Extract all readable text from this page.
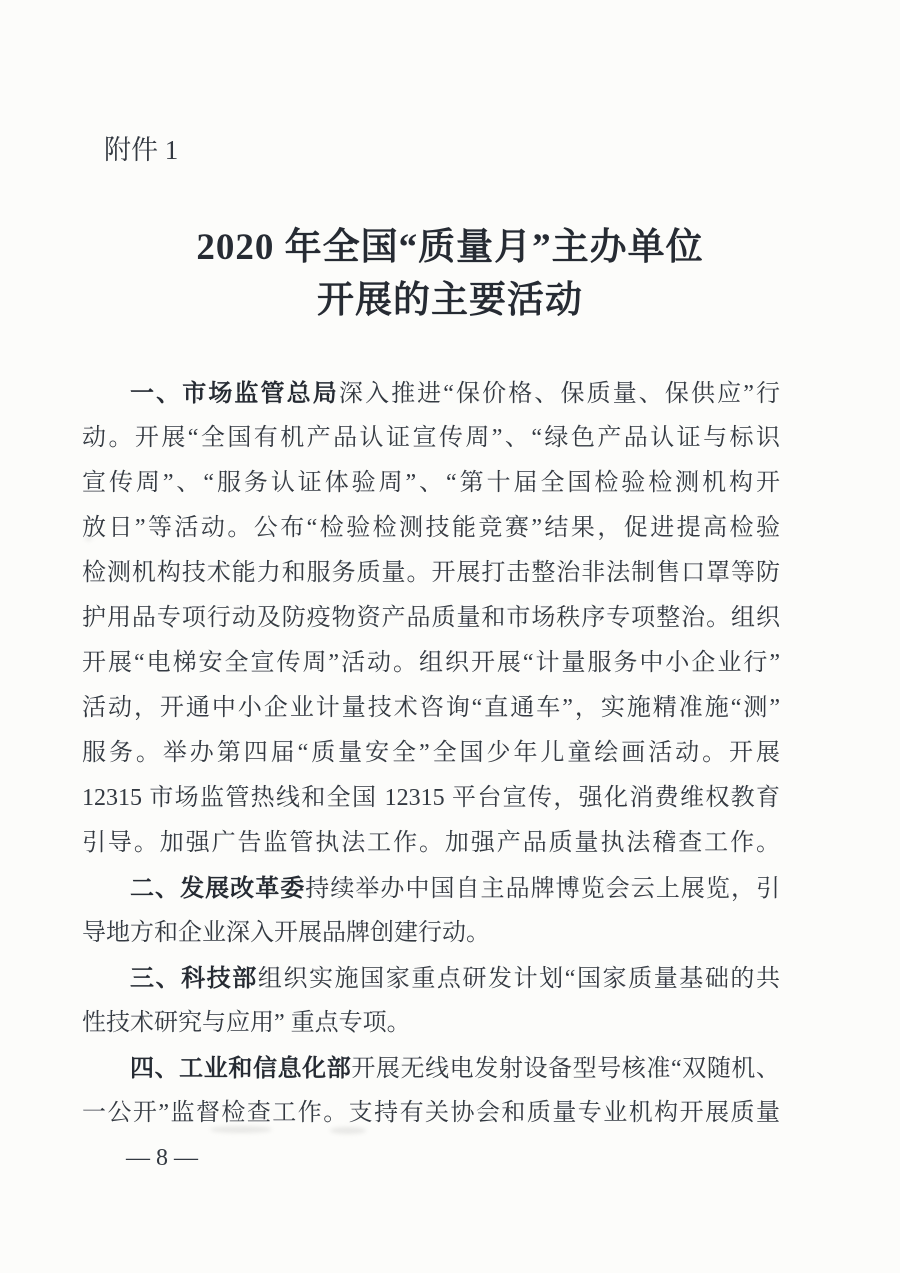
附件 1
2020 年全国“质量月”主办单位
开展的主要活动
一、市场监管总局深入推进“保价格、保质量、保供应”行
动。开展“全国有机产品认证宣传周”、“绿色产品认证与标识
宣传周”、“服务认证体验周”、“第十届全国检验检测机构开
放日”等活动。公布“检验检测技能竞赛”结果，促进提高检验
检测机构技术能力和服务质量。开展打击整治非法制售口罩等防
护用品专项行动及防疫物资产品质量和市场秩序专项整治。组织
开展“电梯安全宣传周”活动。组织开展“计量服务中小企业行”
活动，开通中小企业计量技术咨询“直通车”，实施精准施“测”
服务。举办第四届“质量安全”全国少年儿童绘画活动。开展
12315 市场监管热线和全国 12315 平台宣传，强化消费维权教育
引导。加强广告监管执法工作。加强产品质量执法稽查工作。
二、发展改革委持续举办中国自主品牌博览会云上展览，引
导地方和企业深入开展品牌创建行动。
三、科技部组织实施国家重点研发计划“国家质量基础的共
性技术研究与应用” 重点专项。
四、工业和信息化部开展无线电发射设备型号核准“双随机、
一公开”监督检查工作。支持有关协会和质量专业机构开展质量
— 8 —
